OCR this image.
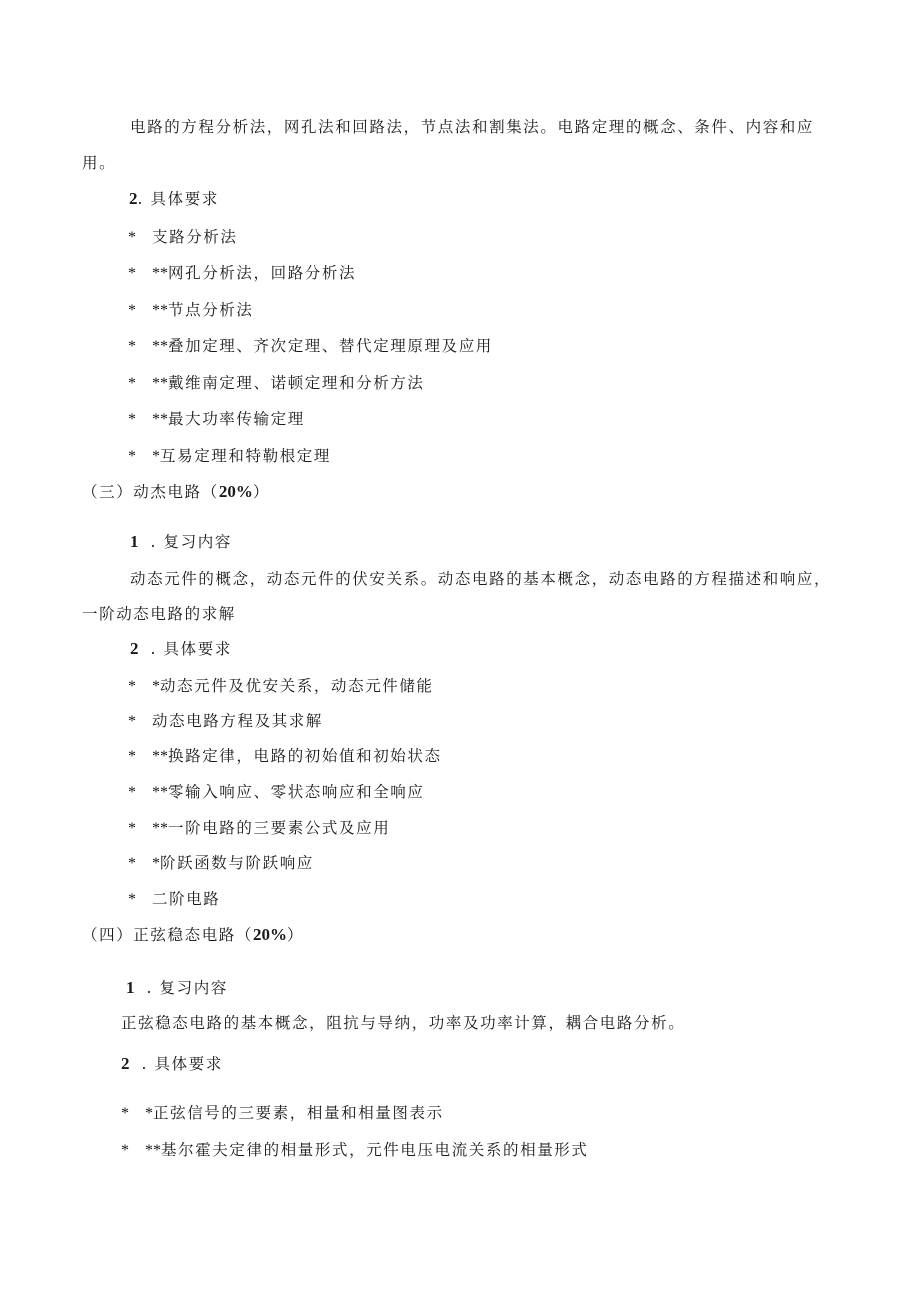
电路的方程分析法，网孔法和回路法，节点法和割集法。电路定理的概念、条件、内容和应
用。
2. 具体要求
* 支路分析法
* **网孔分析法，回路分析法
* **节点分析法
* **叠加定理、齐次定理、替代定理原理及应用
* **戴维南定理、诺顿定理和分析方法
* **最大功率传输定理
* *互易定理和特勒根定理
（三）动杰电路（20%）
1 . 复习内容
动态元件的概念，动态元件的伏安关系。动态电路的基本概念，动态电路的方程描述和响应，
一阶动态电路的求解
2 . 具体要求
* *动态元件及优安关系，动态元件储能
* 动态电路方程及其求解
* **换路定律，电路的初始值和初始状态
* **零输入响应、零状态响应和全响应
* **一阶电路的三要素公式及应用
* *阶跃函数与阶跃响应
* 二阶电路
（四）正弦稳态电路（20%）
1 . 复习内容
正弦稳态电路的基本概念，阻抗与导纳，功率及功率计算，耦合电路分析。
2 . 具体要求
* *正弦信号的三要素，相量和相量图表示
* **基尔霍夫定律的相量形式，元件电压电流关系的相量形式
